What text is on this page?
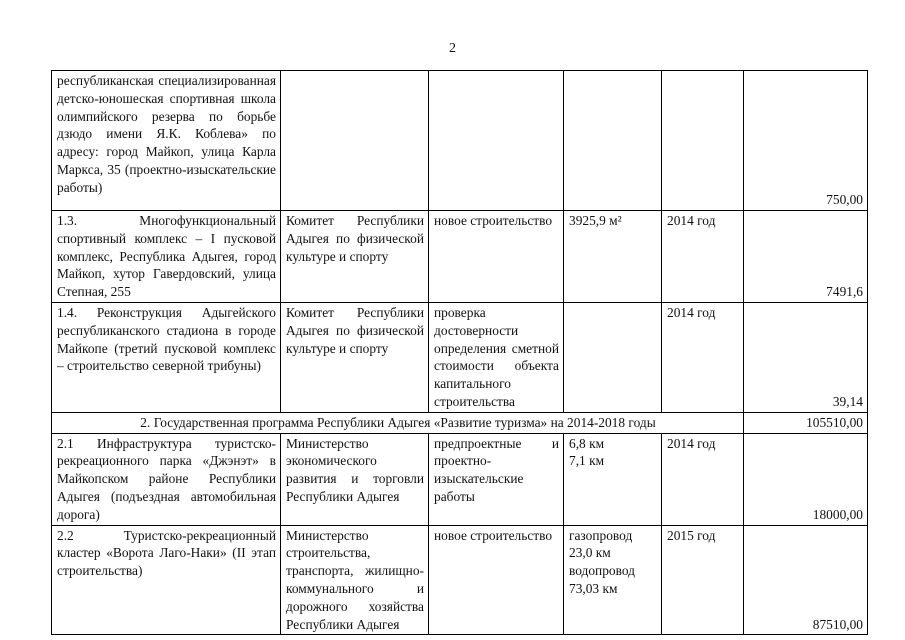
2
республиканская специализированная детско-юношеская спортивная школа олимпийского резерва по борьбе дзюдо имени Я.К. Коблева» по адресу: город Майкоп, улица Карла Маркса, 35 (проектно-изыскательские работы)					750,00
1.3. Многофункциональный спортивный комплекс – I пусковой комплекс, Республика Адыгея, город Майкоп, хутор Гавердовский, улица Степная, 255	Комитет Республики Адыгея по физической культуре и спорту	новое строительство	3925,9 м²	2014 год	7491,6
1.4. Реконструкция Адыгейского республиканского стадиона в городе Майкопе (третий пусковой комплекс – строительство северной трибуны)	Комитет Республики Адыгея по физической культуре и спорту	проверка достоверности определения сметной стоимости объекта капитального строительства		2014 год	39,14
2. Государственная программа Республики Адыгея «Развитие туризма» на 2014-2018 годы					105510,00
2.1 Инфраструктура туристско-рекреационного парка «Джэнэт» в Майкопском районе Республики Адыгея (подъездная автомобильная дорога)	Министерство экономического развития и торговли Республики Адыгея	предпроектные и проектно-изыскательские работы	6,8 км
7,1 км	2014 год	18000,00
2.2 Туристско-рекреационный кластер «Ворота Лаго-Наки» (II этап строительства)	Министерство строительства, транспорта, жилищно-коммунального и дорожного хозяйства Республики Адыгея	новое строительство	газопровод
23,0 км
водопровод
73,03 км	2015 год	87510,00
